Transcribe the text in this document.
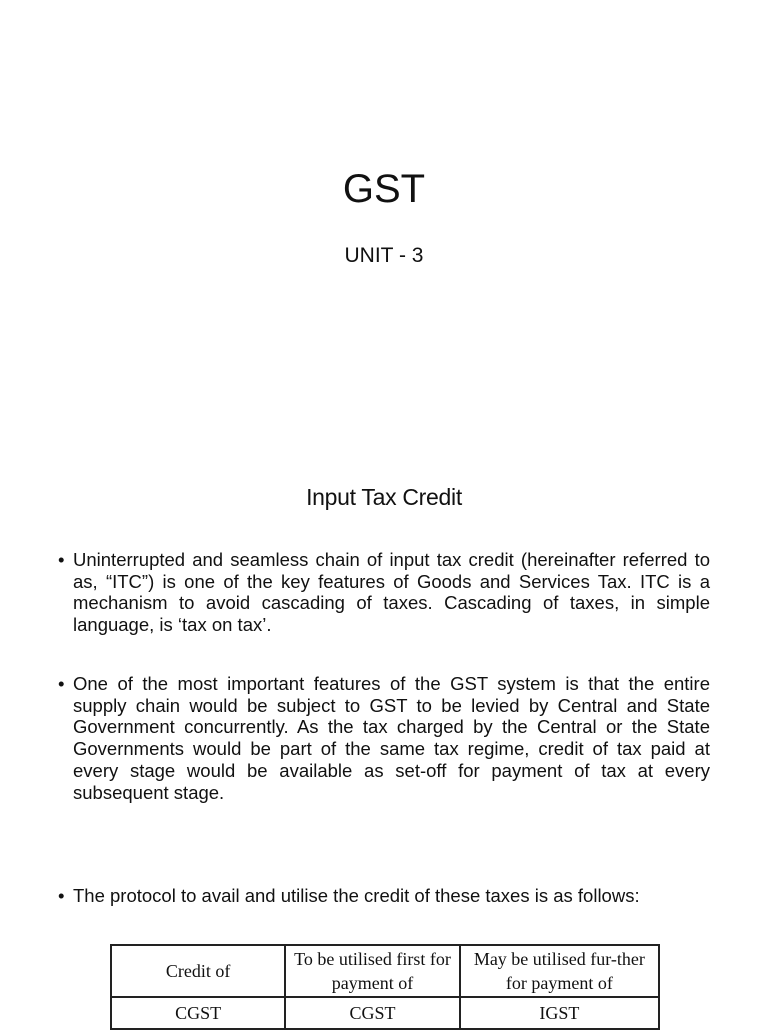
GST
UNIT - 3
Input Tax Credit
• Uninterrupted and seamless chain of input tax credit (hereinafter referred to as, “ITC”) is one of the key features of Goods and Services Tax. ITC is a mechanism to avoid cascading of taxes. Cascading of taxes, in simple language, is ‘tax on tax’.
• One of the most important features of the GST system is that the entire supply chain would be subject to GST to be levied by Central and State Government concurrently. As the tax charged by the Central or the State Governments would be part of the same tax regime, credit of tax paid at every stage would be available as set-off for payment of tax at every subsequent stage.
• The protocol to avail and utilise the credit of these taxes is as follows:
Credit of	To be utilised first for payment of	May be utilised fur-ther for payment of
CGST	CGST	IGST
